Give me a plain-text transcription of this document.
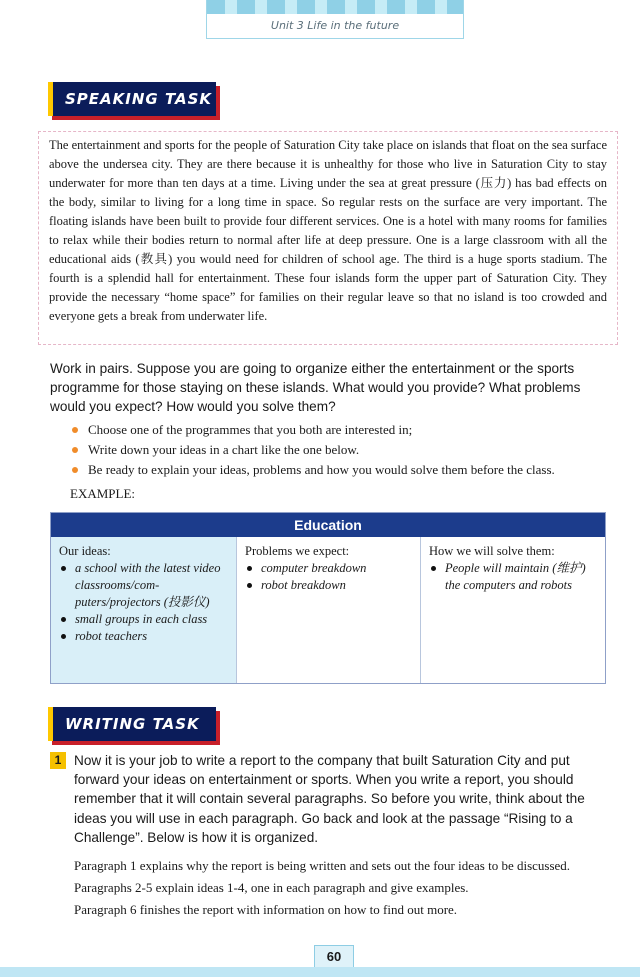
Unit 3 Life in the future
SPEAKING TASK
The entertainment and sports for the people of Saturation City take place on islands that float on the sea surface above the undersea city. They are there because it is unhealthy for those who live in Saturation City to stay underwater for more than ten days at a time. Living under the sea at great pressure (压力) has bad effects on the body, similar to living for a long time in space. So regular rests on the surface are very important. The floating islands have been built to provide four different services. One is a hotel with many rooms for families to relax while their bodies return to normal after life at deep pressure. One is a large classroom with all the educational aids (教具) you would need for children of school age. The third is a huge sports stadium. The fourth is a splendid hall for entertainment. These four islands form the upper part of Saturation City. They provide the necessary “home space” for families on their regular leave so that no island is too crowded and everyone gets a break from underwater life.
Work in pairs. Suppose you are going to organize either the entertainment or the sports programme for those staying on these islands. What would you provide? What problems would you expect? How would you solve them?
Choose one of the programmes that you both are interested in;
Write down your ideas in a chart like the one below.
Be ready to explain your ideas, problems and how you would solve them before the class.
EXAMPLE:
Education
Our ideas:
a school with the latest video classrooms/com-puters/projectors (投影仪)
small groups in each class
robot teachers
Problems we expect:
computer breakdown
robot breakdown
How we will solve them:
People will maintain (维护) the computers and robots
WRITING TASK
1 Now it is your job to write a report to the company that built Saturation City and put forward your ideas on entertainment or sports. When you write a report, you should remember that it will contain several paragraphs. So before you write, think about the ideas you will use in each paragraph. Go back and look at the passage “Rising to a Challenge”. Below is how it is organized.
Paragraph 1 explains why the report is being written and sets out the four ideas to be discussed.
Paragraphs 2-5 explain ideas 1-4, one in each paragraph and give examples.
Paragraph 6 finishes the report with information on how to find out more.
60
